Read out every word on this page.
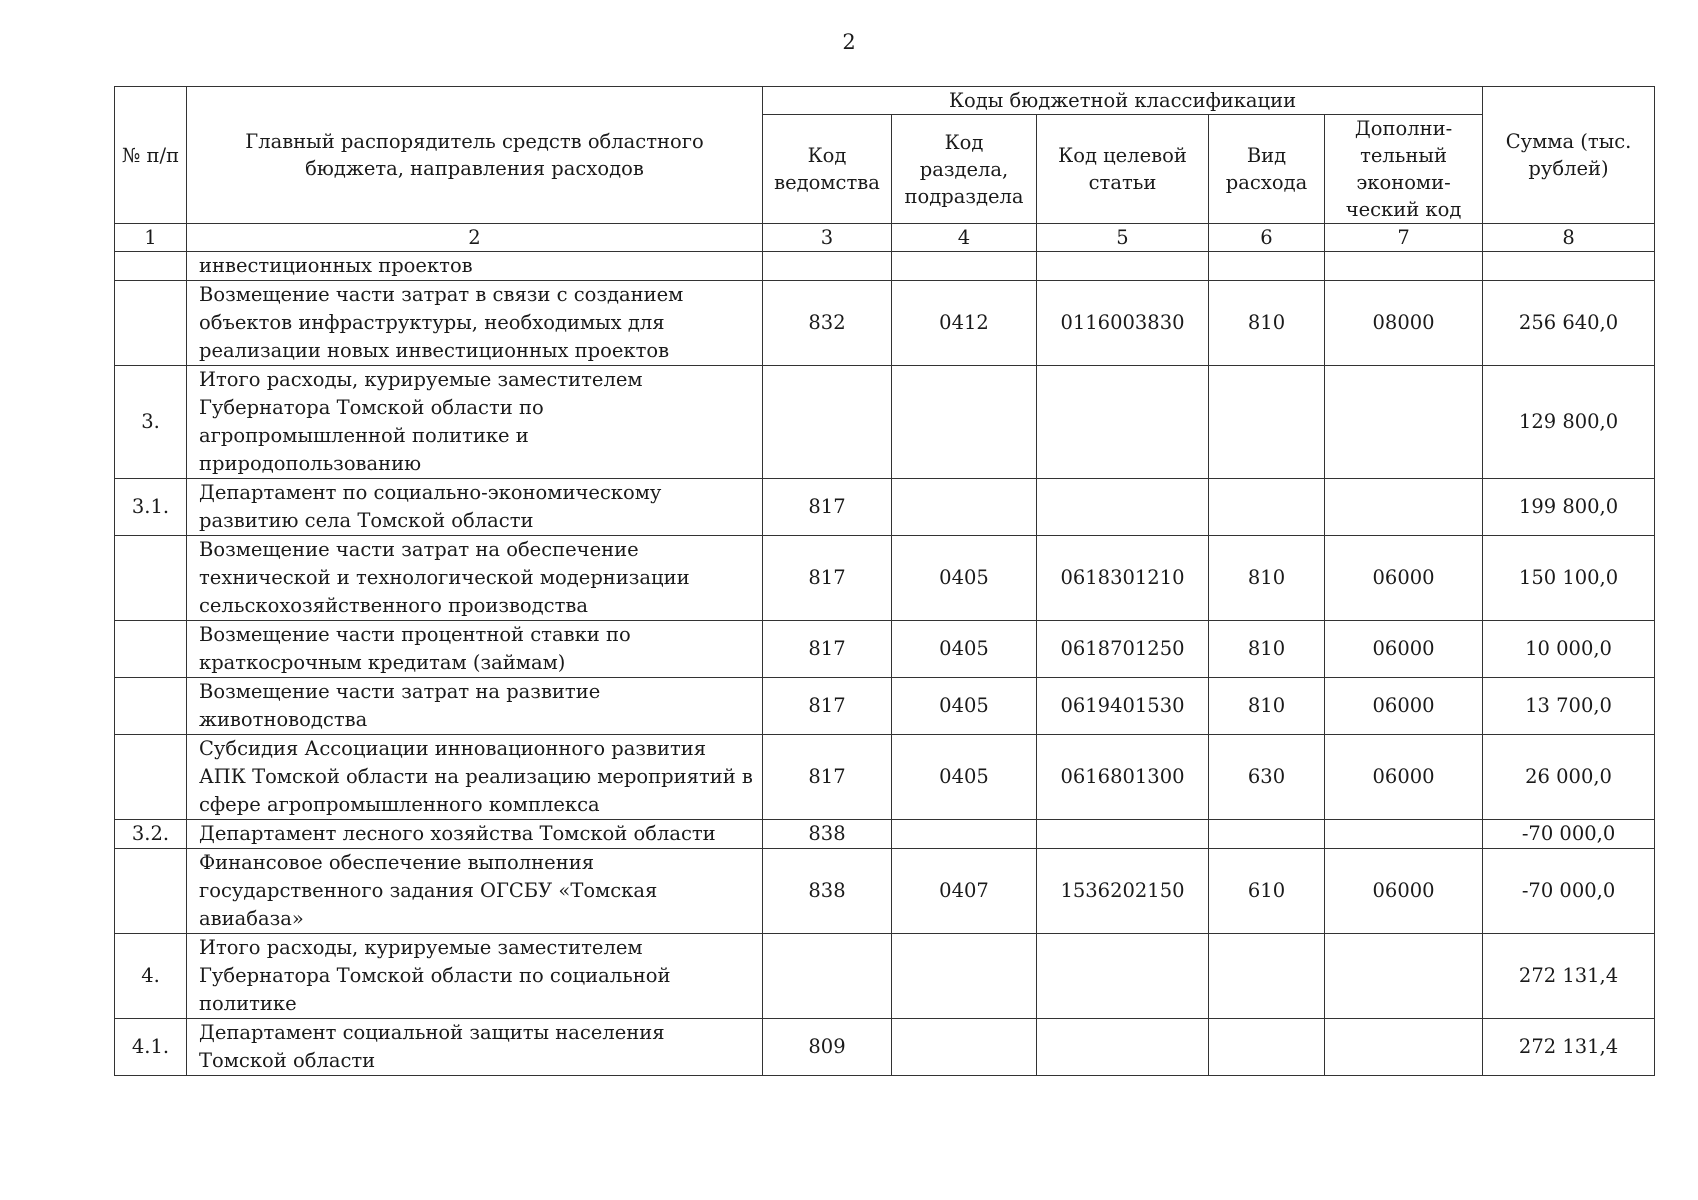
2
№ п/п	Главный распорядитель средств областного бюджета, направления расходов	Коды бюджетной классификации					Сумма (тыс. рублей)
		Код ведомства	Код раздела, подраздела	Код целевой статьи	Вид расхода	Дополни-тельный экономи-ческий код	
1	2	3	4	5	6	7	8
	инвестиционных проектов						
	Возмещение части затрат в связи с созданием объектов инфраструктуры, необходимых для реализации новых инвестиционных проектов	832	0412	0116003830	810	08000	256 640,0
3.	Итого расходы, курируемые заместителем Губернатора Томской области по агропромышленной политике и природопользованию						129 800,0
3.1.	Департамент по социально-экономическому развитию села Томской области	817					199 800,0
	Возмещение части затрат на обеспечение технической и технологической модернизации сельскохозяйственного производства	817	0405	0618301210	810	06000	150 100,0
	Возмещение части процентной ставки по краткосрочным кредитам (займам)	817	0405	0618701250	810	06000	10 000,0
	Возмещение части затрат на развитие животноводства	817	0405	0619401530	810	06000	13 700,0
	Субсидия Ассоциации инновационного развития АПК Томской области на реализацию мероприятий в сфере агропромышленного комплекса	817	0405	0616801300	630	06000	26 000,0
3.2.	Департамент лесного хозяйства Томской области	838					-70 000,0
	Финансовое обеспечение выполнения государственного задания ОГСБУ «Томская авиабаза»	838	0407	1536202150	610	06000	-70 000,0
4.	Итого расходы, курируемые заместителем Губернатора Томской области по социальной политике						272 131,4
4.1.	Департамент социальной защиты населения Томской области	809					272 131,4
